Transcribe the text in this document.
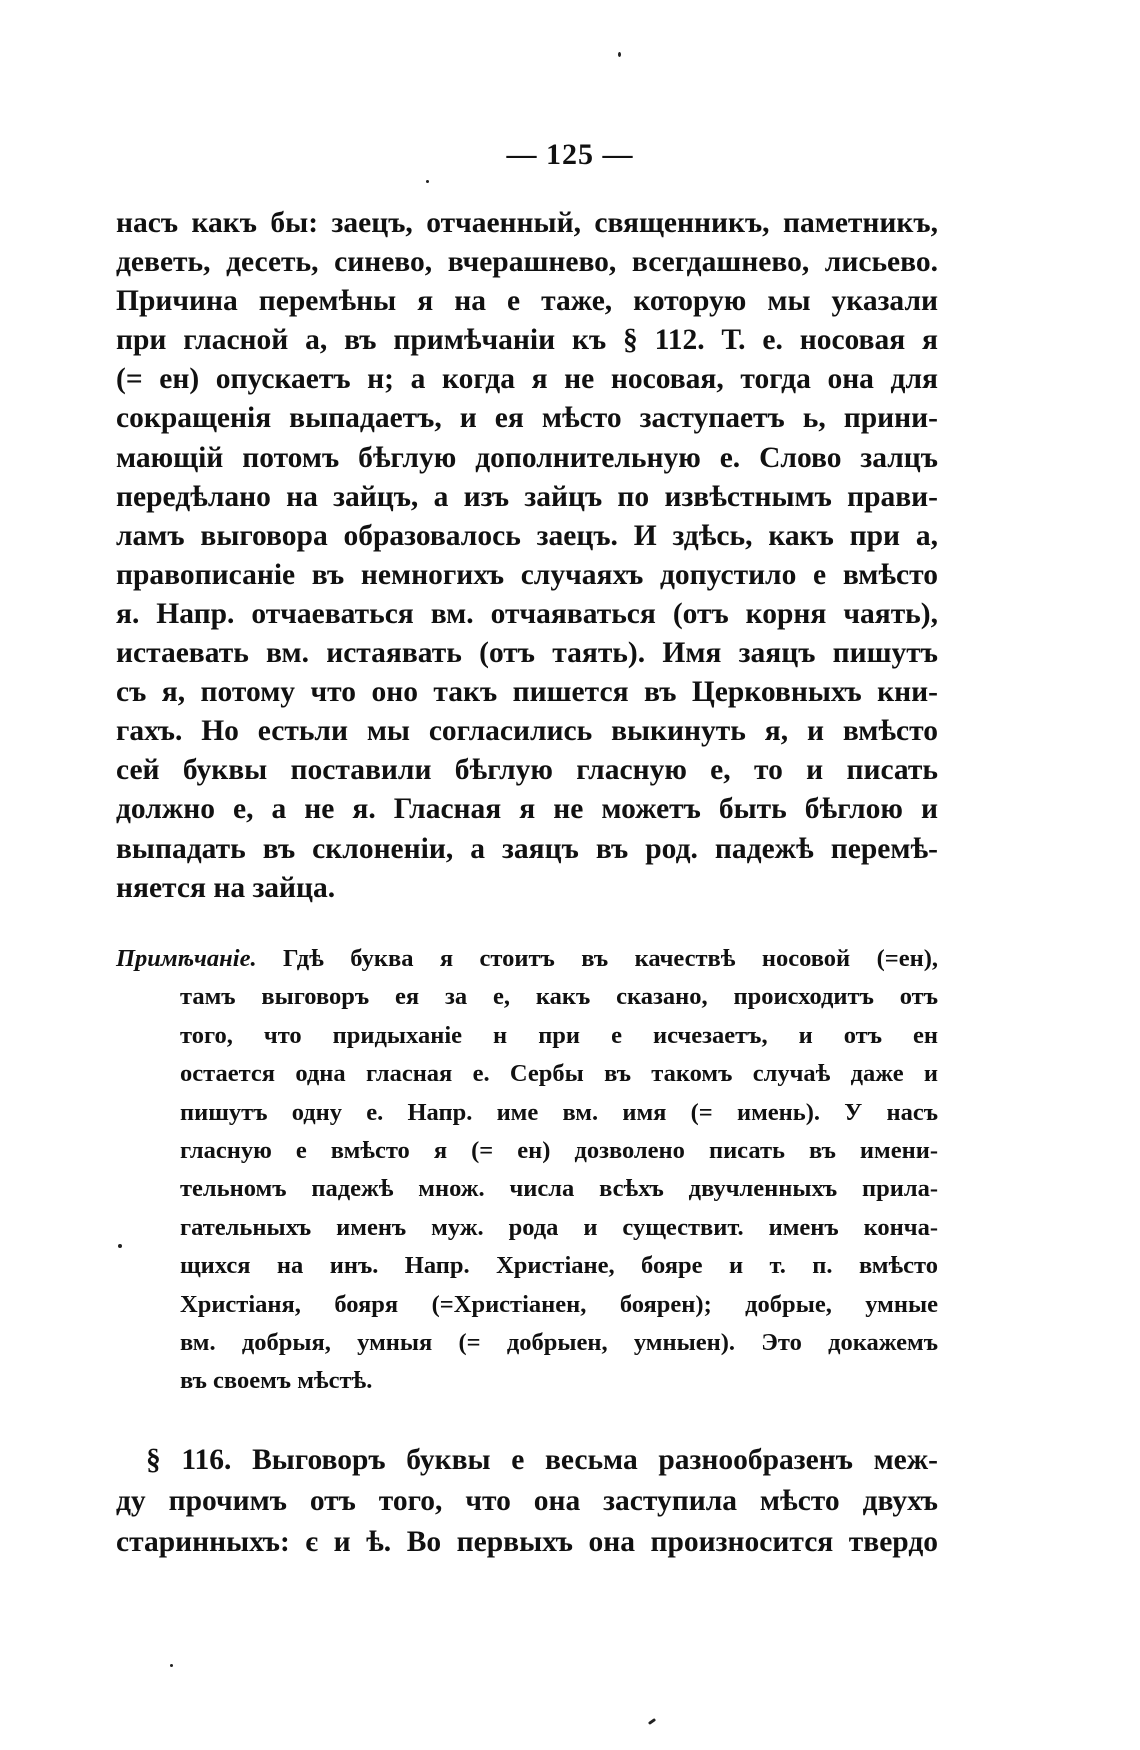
— 125 —
насъ какъ бы: заецъ, отчаенный, священникъ, паметникъ,
деветь, десеть, синево, вчерашнево, всегдашнево, лисьево.
Причина перемѣны я на е таже, которую мы указали
при гласной а, въ примѣчаніи къ § 112. Т. е. носовая я
(= ен) опускаетъ н; а когда я не носовая, тогда она для
сокращенія выпадаетъ, и ея мѣсто заступаетъ ь, прини-
мающій потомъ бѣглую дополнительную е. Слово залцъ
передѣлано на зайцъ, а изъ зайцъ по извѣстнымъ прави-
ламъ выговора образовалось заецъ. И здѣсь, какъ при а,
правописаніе въ немногихъ случаяхъ допустило е вмѣсто
я. Напр. отчаеваться вм. отчаяваться (отъ корня чаять),
истаевать вм. истаявать (отъ таять). Имя заяцъ пишутъ
съ я, потому что оно такъ пишется въ Церковныхъ кни-
гахъ. Но естьли мы согласились выкинуть я, и вмѣсто
сей буквы поставили бѣглую гласную е, то и писать
должно е, а не я. Гласная я не можетъ быть бѣглою и
выпадать въ склоненіи, а заяцъ въ род. падежѣ перемѣ-
няется на зайца.
Примѣчаніе. Гдѣ буква я стоитъ въ качествѣ носовой (=ен),
тамъ выговоръ ея за е, какъ сказано, происходитъ отъ
того, что придыханіе н при е исчезаетъ, и отъ ен
остается одна гласная е. Сербы въ такомъ случаѣ даже и
пишутъ одну е. Напр. име вм. имя (= имень). У насъ
гласную е вмѣсто я (= ен) дозволено писать въ имени-
тельномъ падежѣ множ. числа всѣхъ двучленныхъ прила-
гательныхъ именъ муж. рода и существит. именъ конча-
щихся на инъ. Напр. Христіане, бояре и т. п. вмѣсто
Христіаня, бояря (=Христіанен, боярен); добрые, умные
вм. добрыя, умныя (= добрыен, умныен). Это докажемъ
въ своемъ мѣстѣ.
§ 116. Выговоръ буквы е весьма разнообразенъ меж-
ду прочимъ отъ того, что она заступила мѣсто двухъ
старинныхъ: є и ѣ. Во первыхъ она произносится твердо
